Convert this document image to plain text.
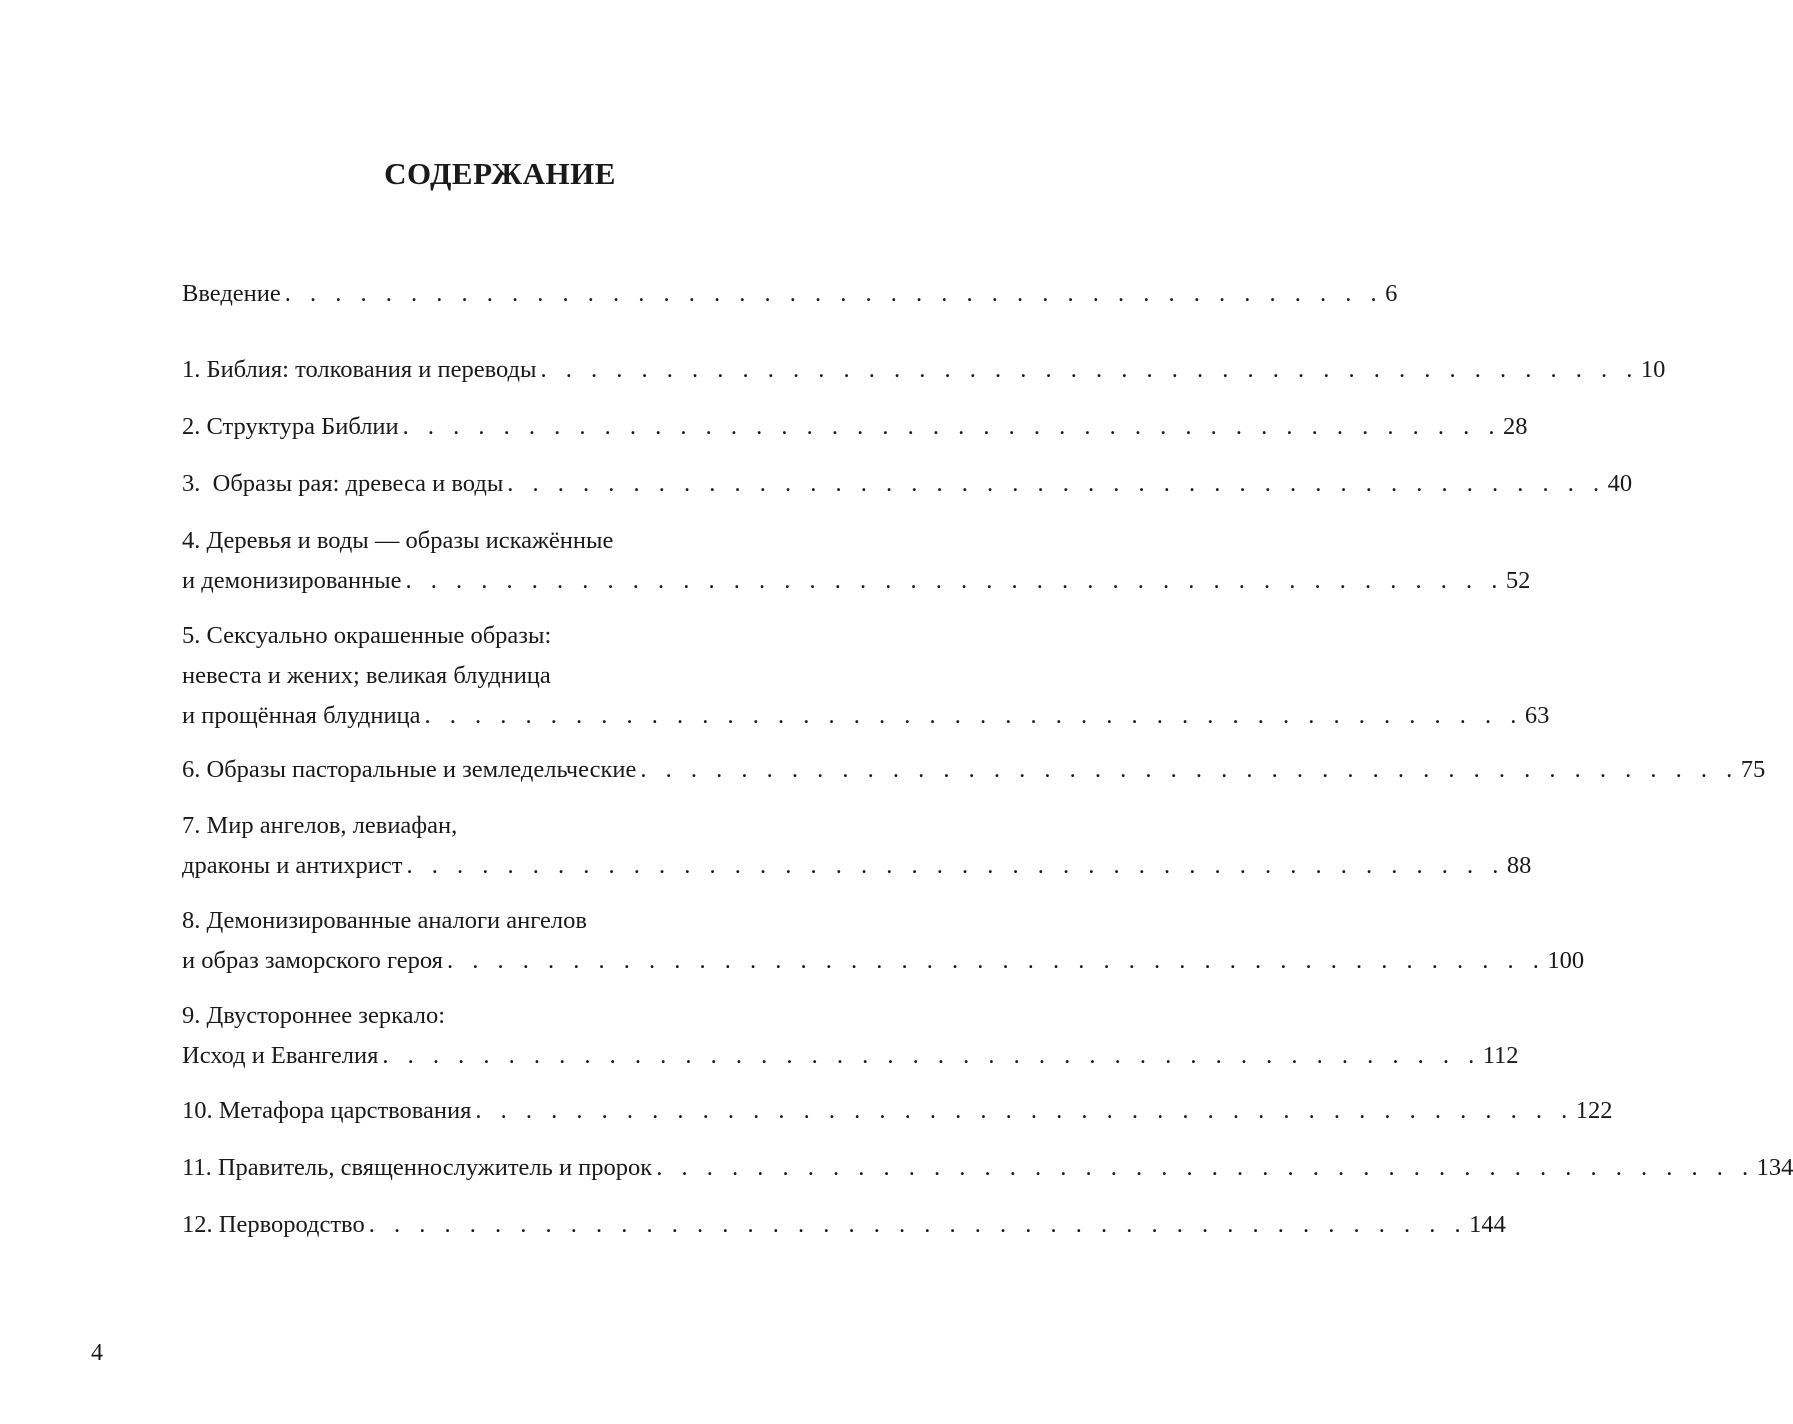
СОДЕРЖАНИЕ
Введение . . . . . . . . . . . . . . . . . . . . . . . . . . . . . . . . . . . . . . . . . . . . 6
1. Библия: толкования и переводы . . . . . . . . . . . . . . . . . . . . . . . . . . . . . . . . . . . . . . . . . . . . 10
2. Структура Библии . . . . . . . . . . . . . . . . . . . . . . . . . . . . . . . . . . . . . . . . . . . . 28
3.  Образы рая: древеса и воды . . . . . . . . . . . . . . . . . . . . . . . . . . . . . . . . . . . . . . . . . . . . 40
4. Деревья и воды — образы искажённые
и демонизированные . . . . . . . . . . . . . . . . . . . . . . . . . . . . . . . . . . . . . . . . . . . . 52
5. Сексуально окрашенные образы:
невеста и жених; великая блудница
и прощённая блудница . . . . . . . . . . . . . . . . . . . . . . . . . . . . . . . . . . . . . . . . . . . . 63
6. Образы пасторальные и земледельческие . . . . . . . . . . . . . . . . . . . . . . . . . . . . . . . . . . . . . . . . . . . . 75
7. Мир ангелов, левиафан,
драконы и антихрист . . . . . . . . . . . . . . . . . . . . . . . . . . . . . . . . . . . . . . . . . . . . 88
8. Демонизированные аналоги ангелов
и образ заморского героя . . . . . . . . . . . . . . . . . . . . . . . . . . . . . . . . . . . . . . . . . . . . 100
9. Двустороннее зеркало:
Исход и Евангелия . . . . . . . . . . . . . . . . . . . . . . . . . . . . . . . . . . . . . . . . . . . . 112
10. Метафора царствования . . . . . . . . . . . . . . . . . . . . . . . . . . . . . . . . . . . . . . . . . . . . 122
11. Правитель, священнослужитель и пророк . . . . . . . . . . . . . . . . . . . . . . . . . . . . . . . . . . . . . . . . . . . . 134
12. Первородство . . . . . . . . . . . . . . . . . . . . . . . . . . . . . . . . . . . . . . . . . . . . 144
4
